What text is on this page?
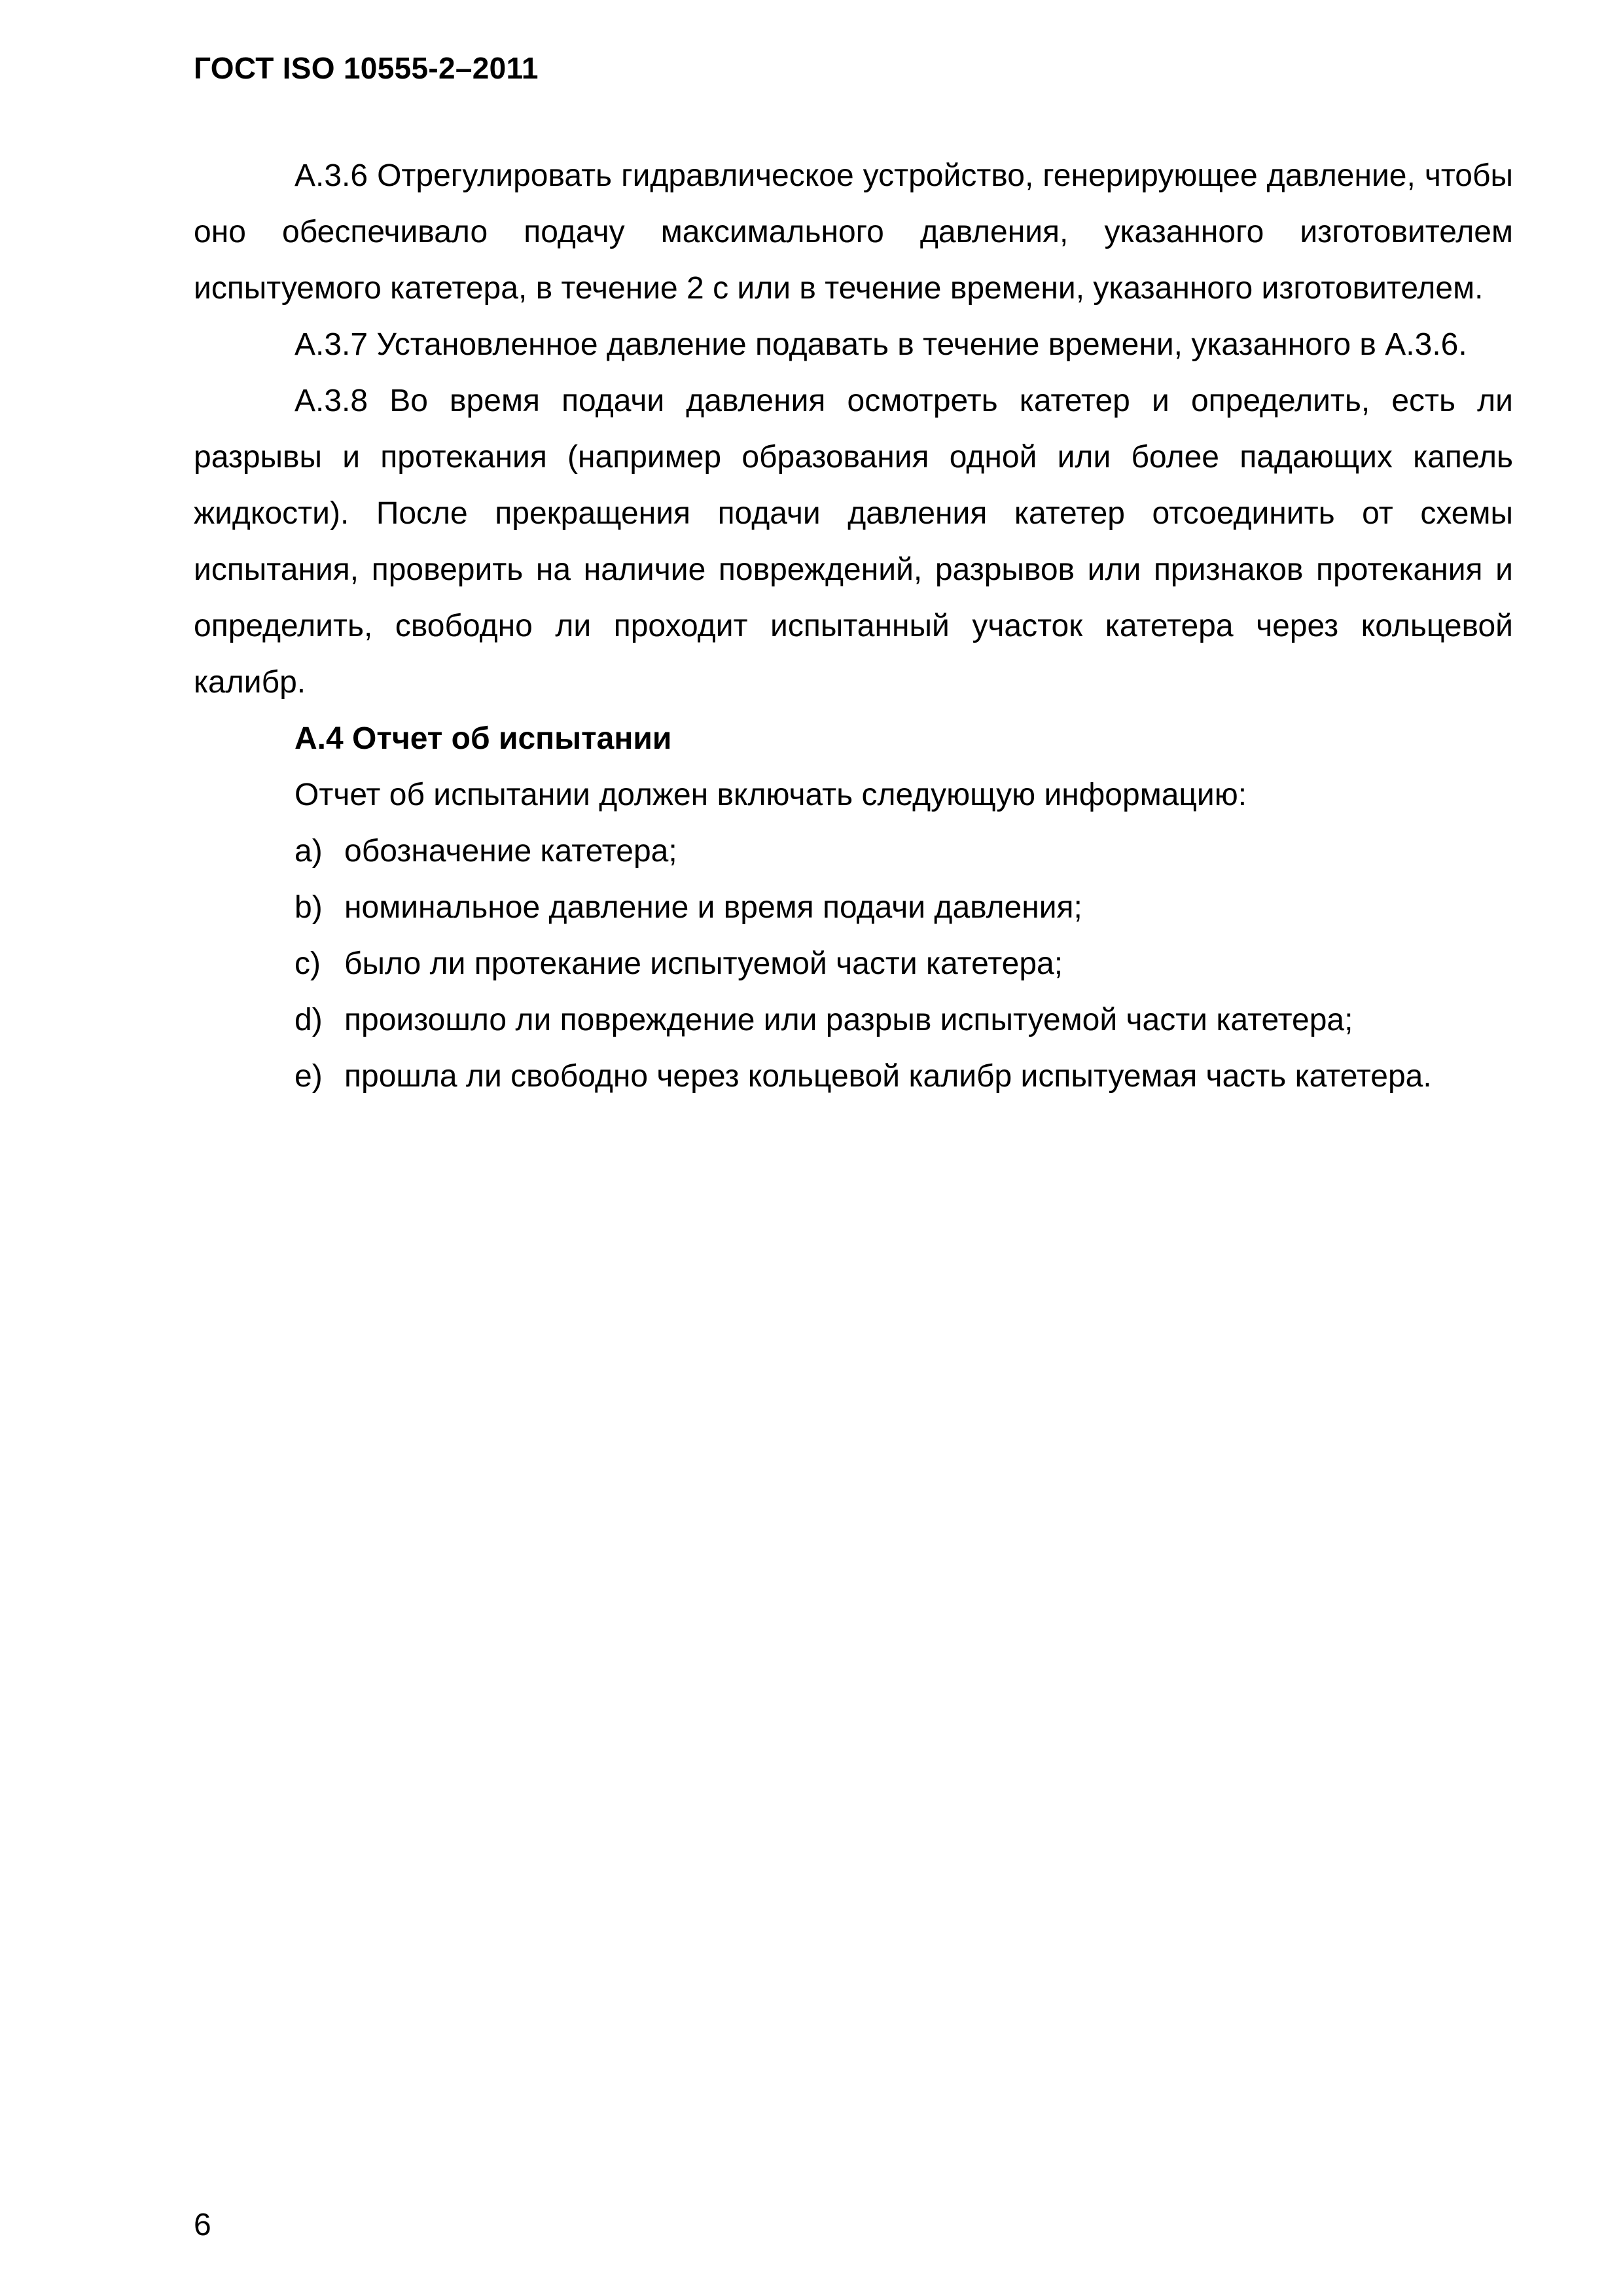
ГОСТ ISO 10555-2–2011

А.3.6 Отрегулировать гидравлическое устройство, генерирующее давление, чтобы оно обеспечивало подачу максимального давления, указанного изготовителем испытуемого катетера, в течение 2 с или в течение времени, указанного изготовителем.

А.3.7 Установленное давление подавать в течение времени, указанного в А.3.6.

А.3.8 Во время подачи давления осмотреть катетер и определить, есть ли разрывы и протекания (например образования одной или более падающих капель жидкости). После прекращения подачи давления катетер отсоединить от схемы испытания, проверить на наличие повреждений, разрывов или признаков протекания и определить, свободно ли проходит испытанный участок катетера через кольцевой калибр.

А.4 Отчет об испытании

Отчет об испытании должен включать следующую информацию:

a) обозначение катетера;
b) номинальное давление и время подачи давления;
c) было ли протекание испытуемой части катетера;
d) произошло ли повреждение или разрыв испытуемой части катетера;
e) прошла ли свободно через кольцевой калибр испытуемая часть катетера.
6
